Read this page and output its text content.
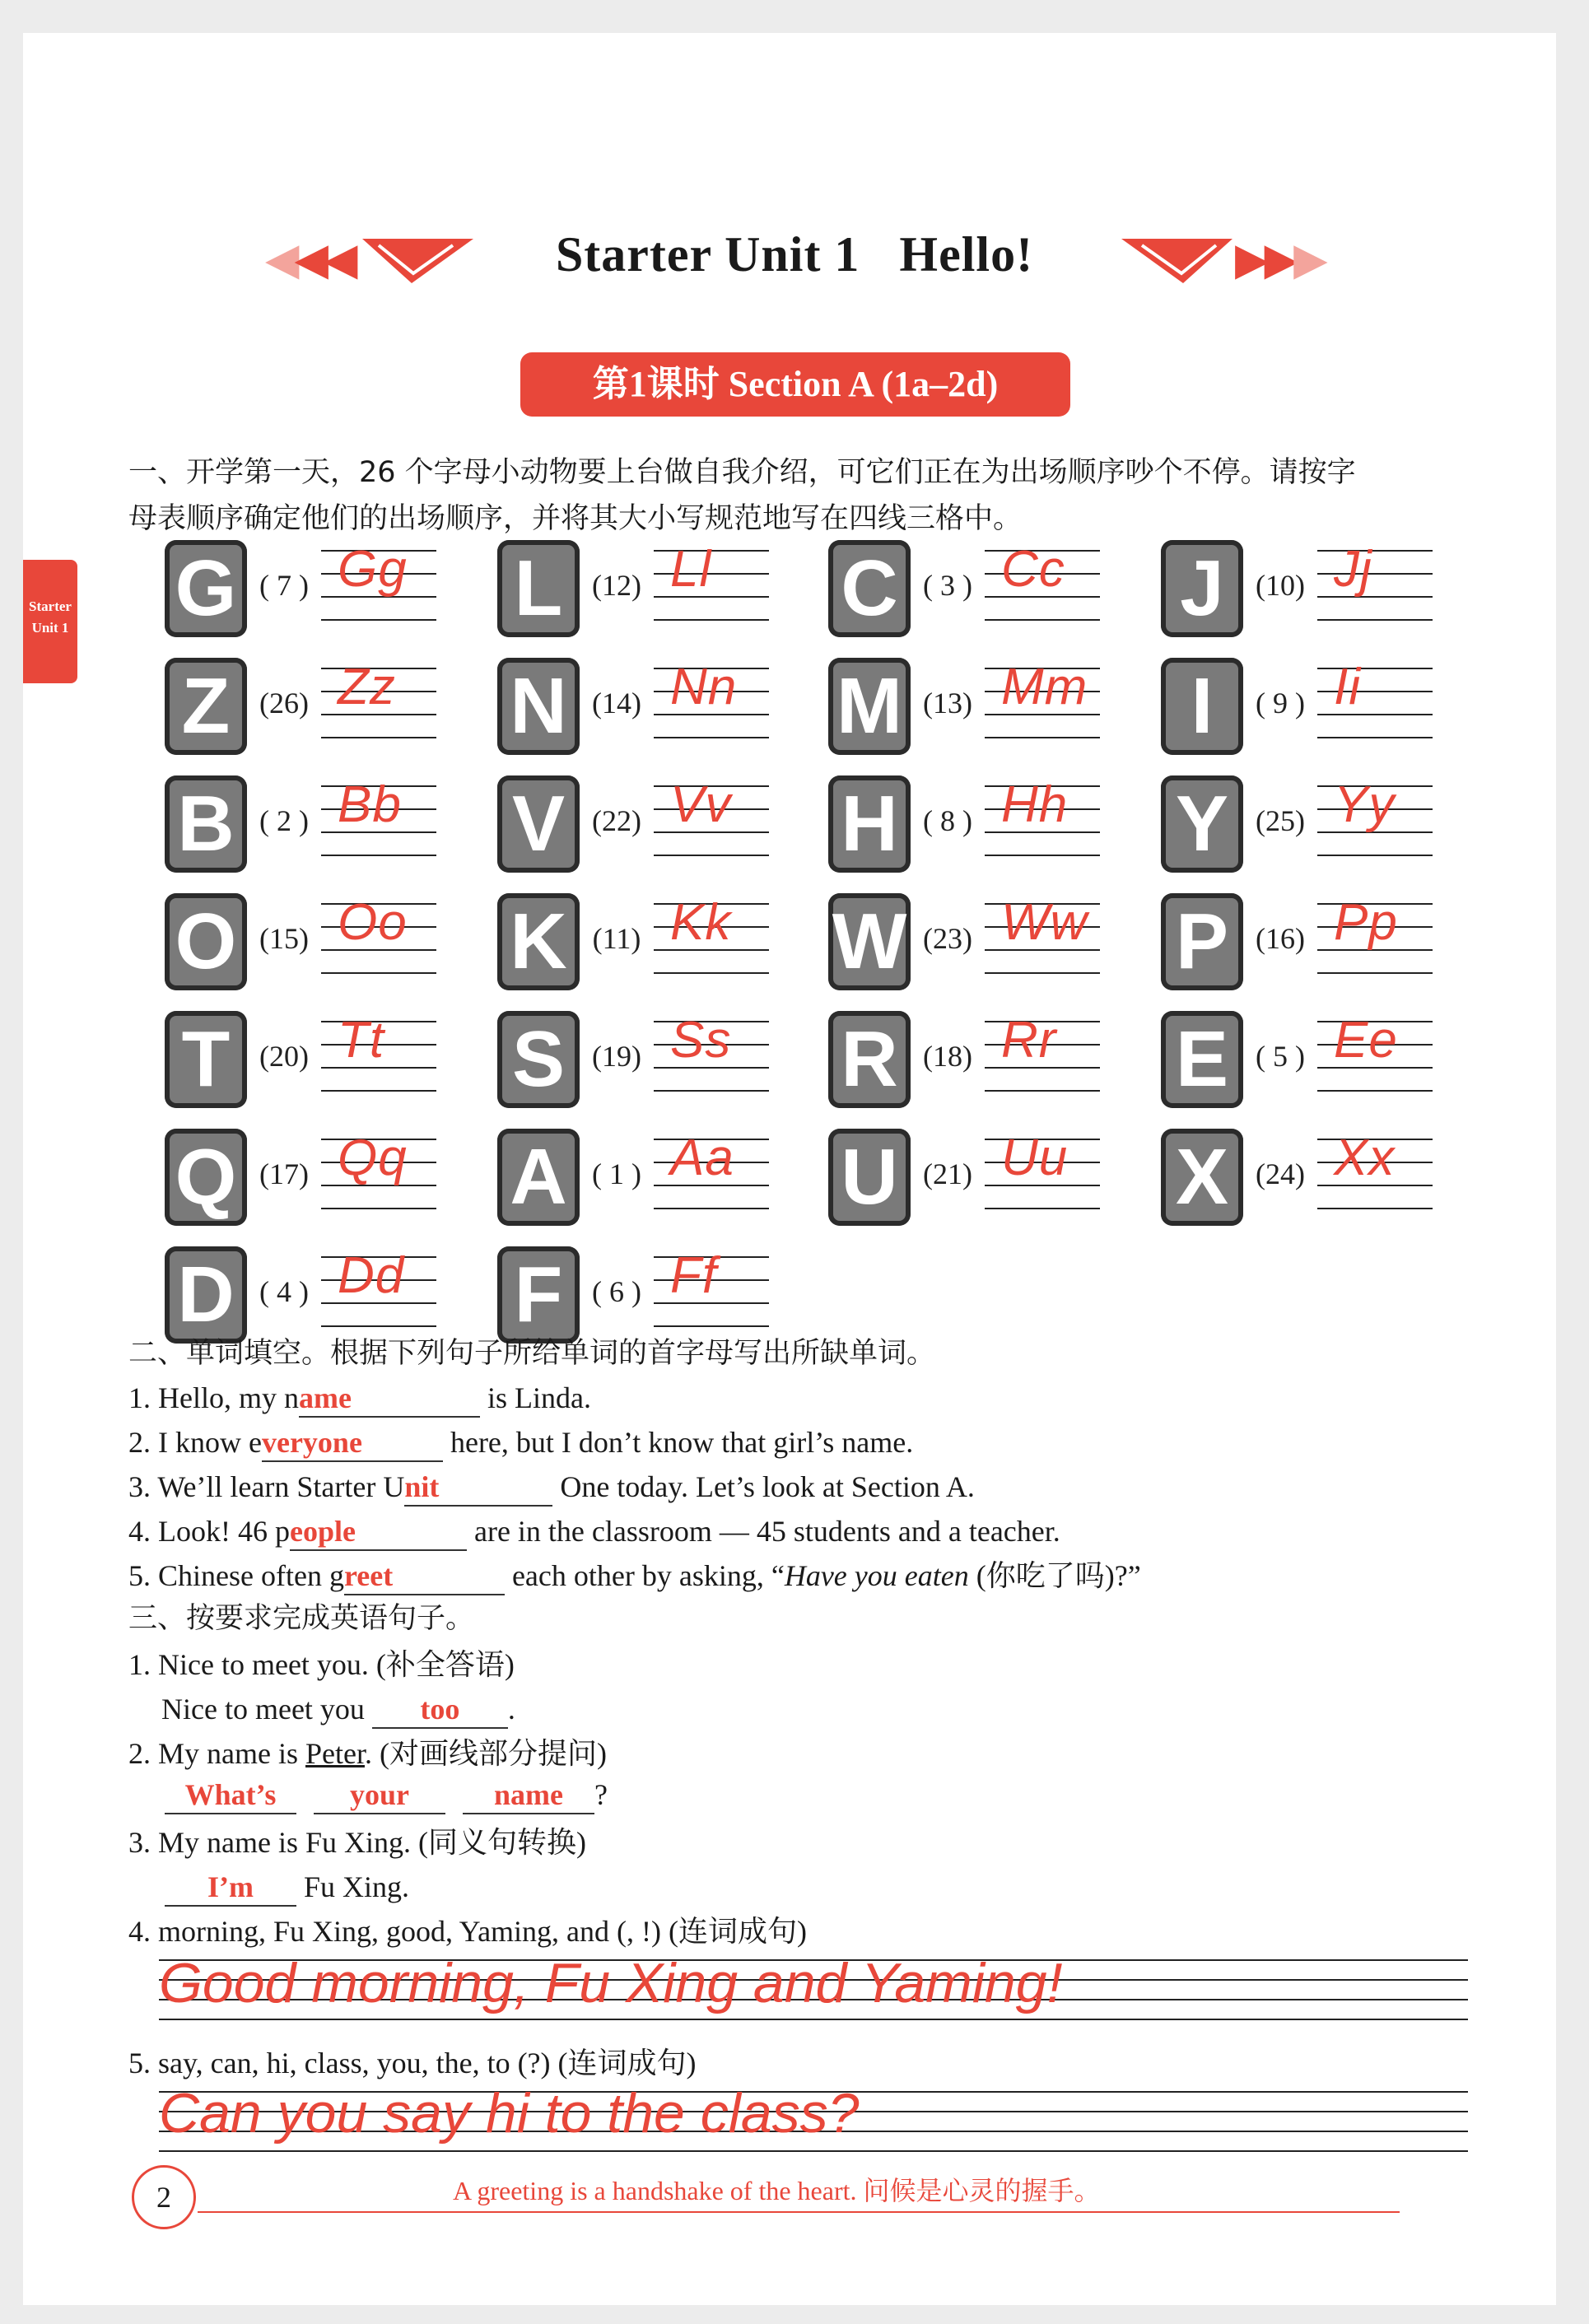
◀◀◀	Starter Unit 1   Hello!	▶▶▶
第1课时 Section A (1a–2d)
Starter
Unit 1
一、开学第一天，26 个字母小动物要上台做自我介绍，可它们正在为出场顺序吵个不停。请按字
母表顺序确定他们的出场顺序，并将其大小写规范地写在四线三格中。
G ( 7 ) Gg L (12) Ll C ( 3 ) Cc J	(10) Jj
Z (26) Zz N (14) Nn M (13) Mm	I	( 9 ) Ii
B ( 2 ) Bb V (22) Vv H ( 8 ) Hh Y (25) Yy
O (15) Oo K (11) Kk W (23) Ww P (16) Pp
T (20) Tt S (19) Ss R (18) Rr E ( 5 ) Ee
Q (17) Qq A ( 1 ) Aa U (21) Uu X (24) Xx
D ( 4 ) Dd F ( 6 ) Ff
二、单词填空。根据下列句子所给单词的首字母写出所缺单词。
1. Hello, my name	is Linda.
2. I know everyone	here, but I don’t know that girl’s name.
3. We’ll learn Starter Unit	One today. Let’s look at Section A.
4. Look! 46 people	are in the classroom — 45 students and a teacher.
5. Chinese often greet	each other by asking, “Have you eaten (你吃了吗)?”
三、按要求完成英语句子。
1. Nice to meet you. (补全答语)
Nice to meet you too .
2. My name is Peter. (对画线部分提问)
What’s your	name ?
3. My name is Fu Xing. (同义句转换)
I’m Fu Xing.
4. morning, Fu Xing, good, Yaming, and (, !) (连词成句)
Good morning, Fu Xing and Yaming!
5. say, can, hi, class, you, the, to (?) (连词成句)
Can you say hi to the class?
2	A greeting is a handshake of the heart. 问候是心灵的握手。
